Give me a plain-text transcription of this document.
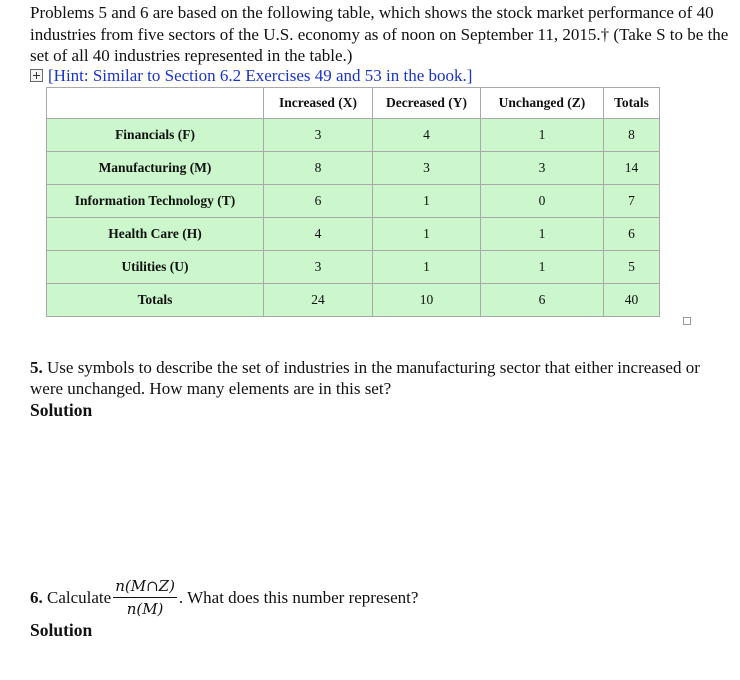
Problems 5 and 6 are based on the following table, which shows the stock market performance of 40 industries from five sectors of the U.S. economy as of noon on September 11, 2015.† (Take S to be the set of all 40 industries represented in the table.)

[Hint: Similar to Section 6.2 Exercises 49 and 53 in the book.]
	Increased (X)	Decreased (Y)	Unchanged (Z)	Totals
Financials (F)	3	4	1	8
Manufacturing (M)	8	3	3	14
Information Technology (T)	6	1	0	7
Health Care (H)	4	1	1	6
Utilities (U)	3	1	1	5
Totals	24	10	6	40

5. Use symbols to describe the set of industries in the manufacturing sector that either increased or were unchanged. How many elements are in this set?

Solution
6.
Calculate $\frac{n(M\cap Z)}{n(M)}$ . What does this number represent?
Solution
